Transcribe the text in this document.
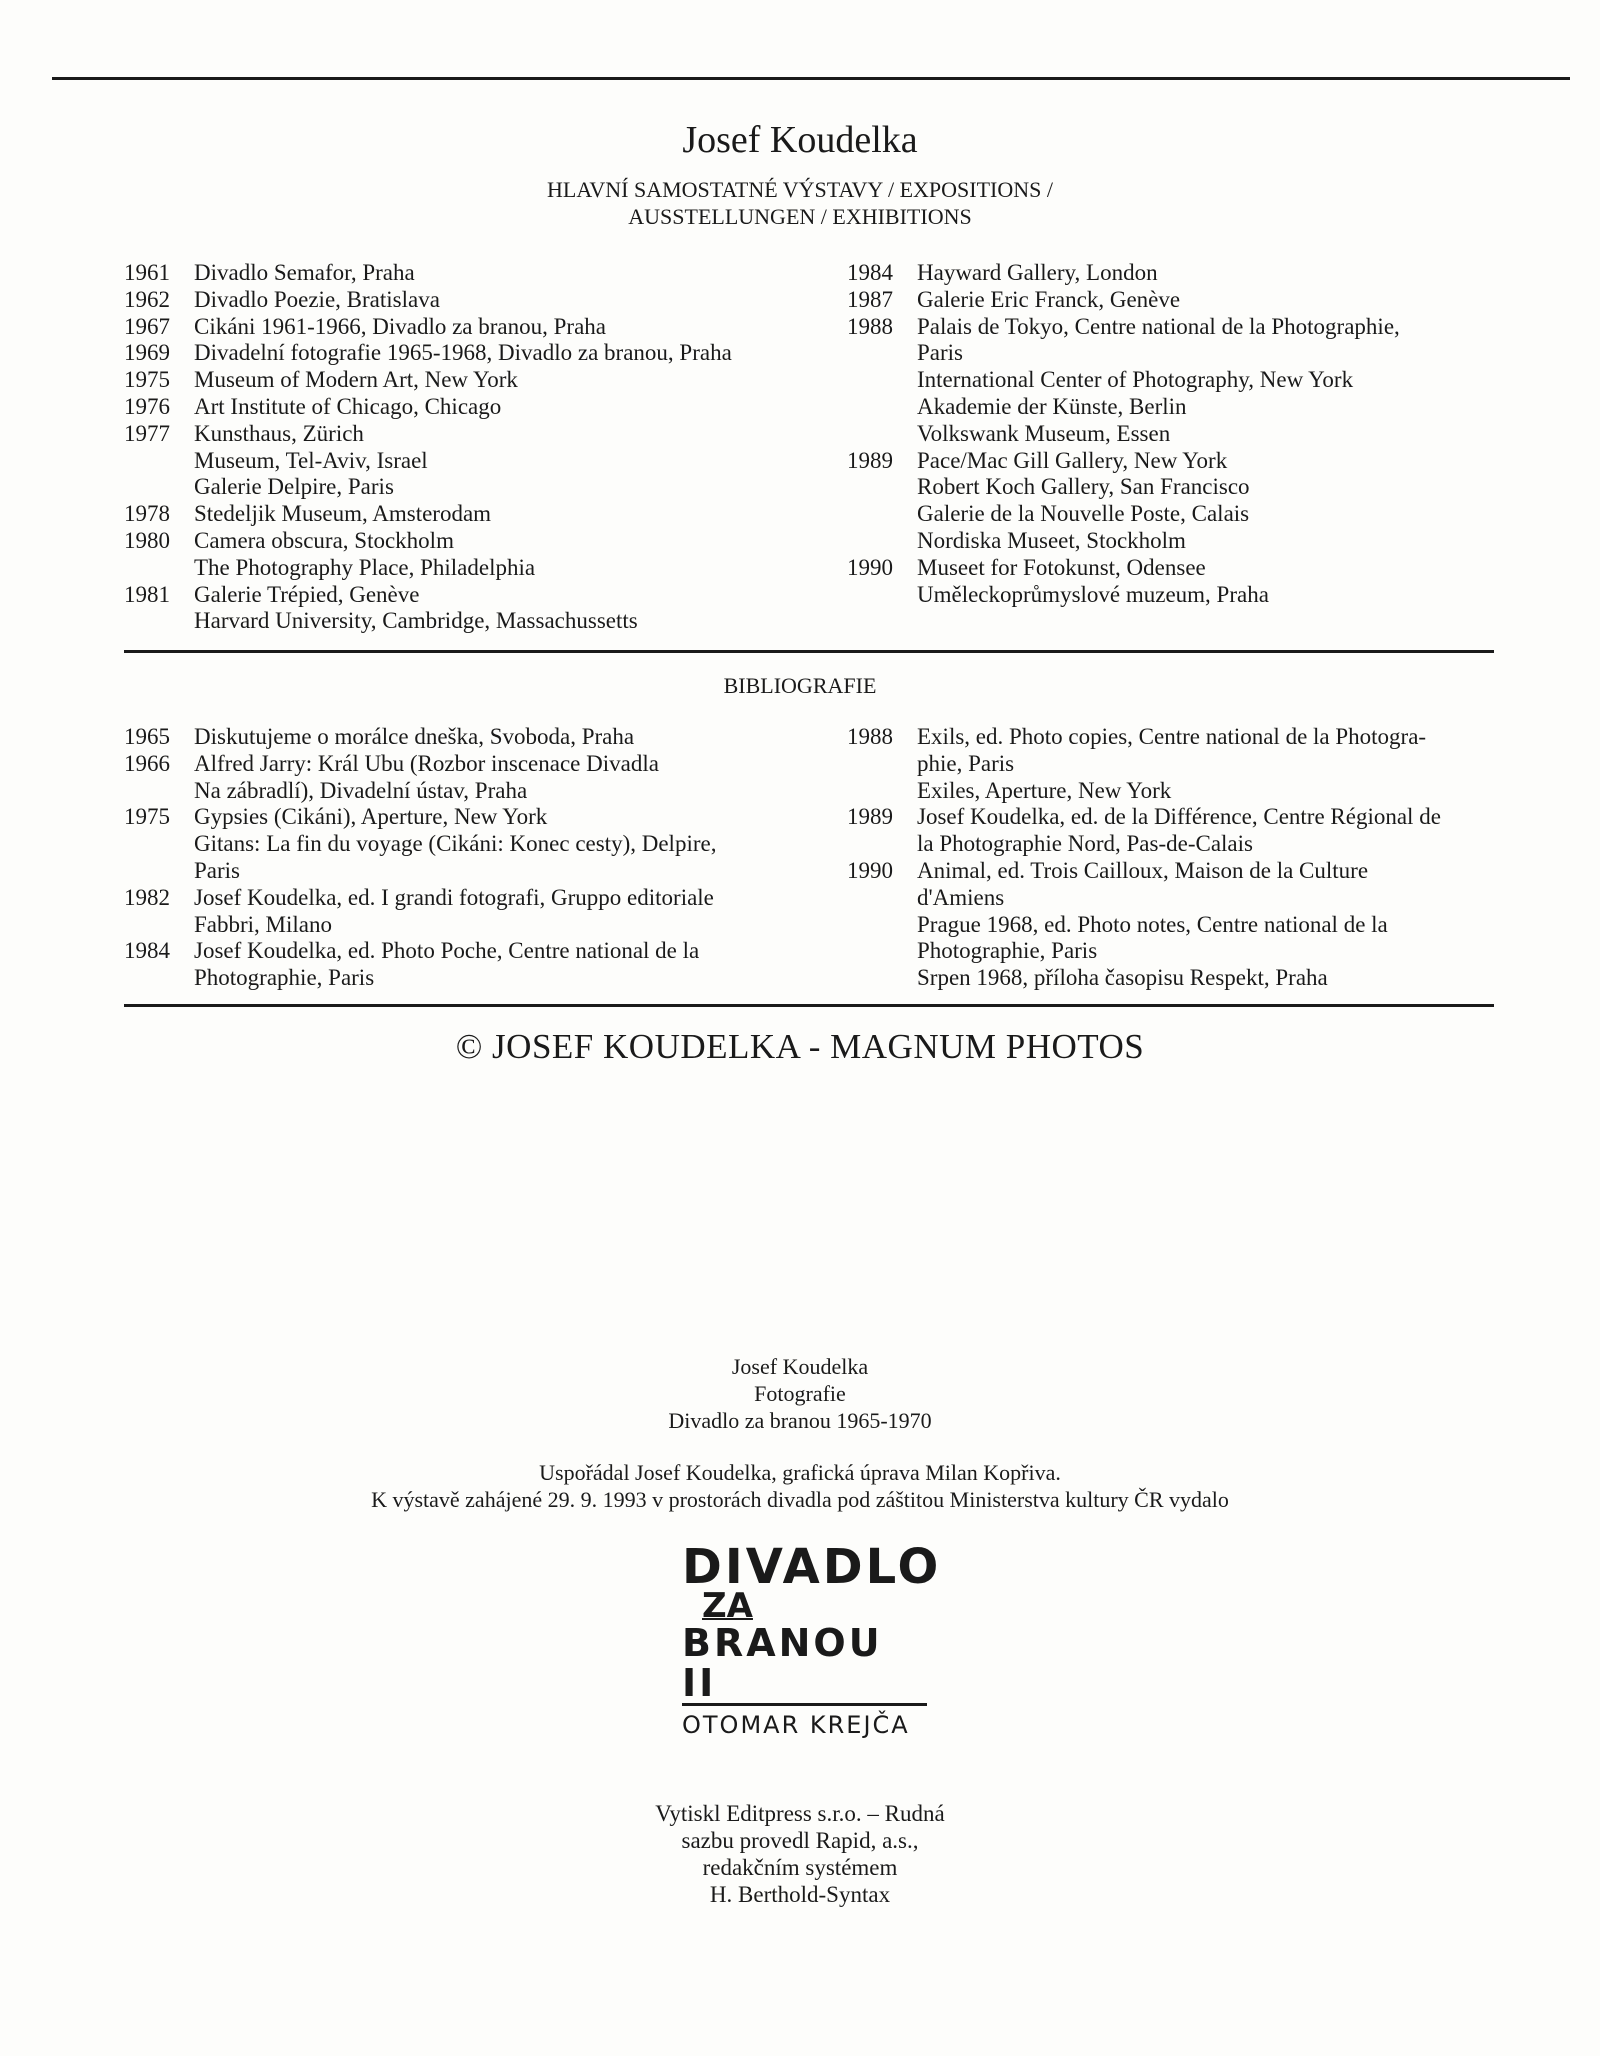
Josef Koudelka
HLAVNÍ SAMOSTATNÉ VÝSTAVY / EXPOSITIONS /
AUSSTELLUNGEN / EXHIBITIONS
1961	Divadlo Semafor, Praha
1962	Divadlo Poezie, Bratislava
1967	Cikáni 1961-1966, Divadlo za branou, Praha
1969	Divadelní fotografie 1965-1968, Divadlo za branou, Praha
1975	Museum of Modern Art, New York
1976	Art Institute of Chicago, Chicago
1977	Kunsthaus, Zürich
Museum, Tel-Aviv, Israel
Galerie Delpire, Paris
1978	Stedeljik Museum, Amsterodam
1980	Camera obscura, Stockholm
The Photography Place, Philadelphia
1981	Galerie Trépied, Genève
Harvard University, Cambridge, Massachussetts
1984	Hayward Gallery, London
1987	Galerie Eric Franck, Genève
1988	Palais de Tokyo, Centre national de la Photographie,
Paris
International Center of Photography, New York
Akademie der Künste, Berlin
Volkswank Museum, Essen
1989	Pace/Mac Gill Gallery, New York
Robert Koch Gallery, San Francisco
Galerie de la Nouvelle Poste, Calais
Nordiska Museet, Stockholm
1990	Museet for Fotokunst, Odensee
Uměleckoprůmyslové muzeum, Praha
BIBLIOGRAFIE
1965	Diskutujeme o morálce dneška, Svoboda, Praha
1966	Alfred Jarry: Král Ubu (Rozbor inscenace Divadla
Na zábradlí), Divadelní ústav, Praha
1975	Gypsies (Cikáni), Aperture, New York
Gitans: La fin du voyage (Cikáni: Konec cesty), Delpire,
Paris
1982	Josef Koudelka, ed. I grandi fotografi, Gruppo editoriale
Fabbri, Milano
1984	Josef Koudelka, ed. Photo Poche, Centre national de la
Photographie, Paris
1988	Exils, ed. Photo copies, Centre national de la Photogra-
phie, Paris
Exiles, Aperture, New York
1989	Josef Koudelka, ed. de la Différence, Centre Régional de
la Photographie Nord, Pas-de-Calais
1990	Animal, ed. Trois Cailloux, Maison de la Culture
d'Amiens
Prague 1968, ed. Photo notes, Centre national de la
Photographie, Paris
Srpen 1968, příloha časopisu Respekt, Praha
© JOSEF KOUDELKA - MAGNUM PHOTOS
Josef Koudelka
Fotografie
Divadlo za branou 1965-1970
Uspořádal Josef Koudelka, grafická úprava Milan Kopřiva.
K výstavě zahájené 29. 9. 1993 v prostorách divadla pod záštitou Ministerstva kultury ČR vydalo
DIVADLO
ZA
BRANOU II
OTOMAR KREJČA
Vytiskl Editpress s.r.o. – Rudná
sazbu provedl Rapid, a.s.,
redakčním systémem
H. Berthold-Syntax
